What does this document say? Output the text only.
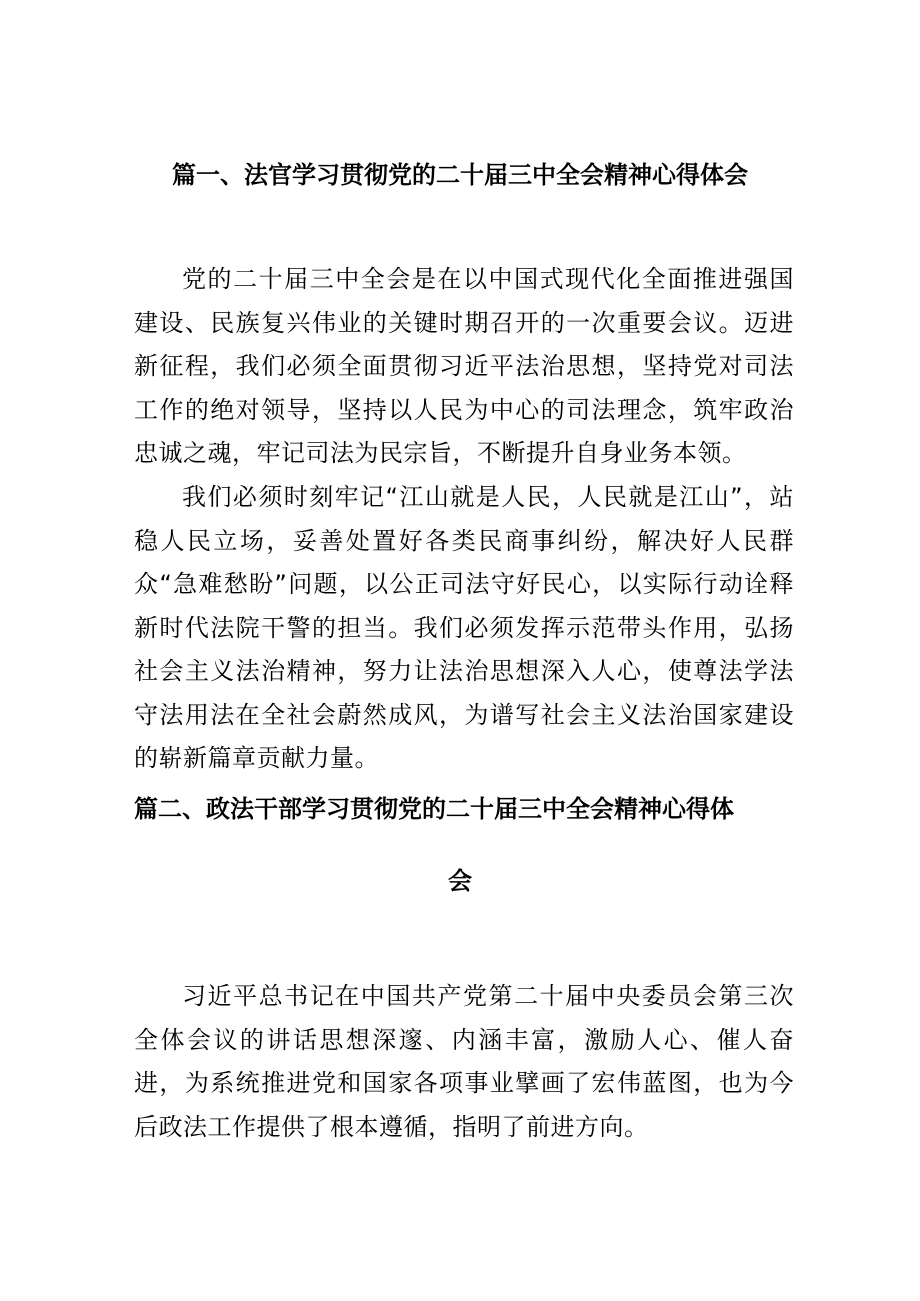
篇一、法官学习贯彻党的二十届三中全会精神心得体会

党的二十届三中全会是在以中国式现代化全面推进强国建设、民族复兴伟业的关键时期召开的一次重要会议。迈进新征程，我们必须全面贯彻习近平法治思想，坚持党对司法工作的绝对领导，坚持以人民为中心的司法理念，筑牢政治忠诚之魂，牢记司法为民宗旨，不断提升自身业务本领。

我们必须时刻牢记“江山就是人民，人民就是江山”，站稳人民立场，妥善处置好各类民商事纠纷，解决好人民群众“急难愁盼”问题，以公正司法守好民心，以实际行动诠释新时代法院干警的担当。我们必须发挥示范带头作用，弘扬社会主义法治精神，努力让法治思想深入人心，使尊法学法守法用法在全社会蔚然成风，为谱写社会主义法治国家建设的崭新篇章贡献力量。

篇二、政法干部学习贯彻党的二十届三中全会精神心得体
会

习近平总书记在中国共产党第二十届中央委员会第三次全体会议的讲话思想深邃、内涵丰富，激励人心、催人奋进，为系统推进党和国家各项事业擘画了宏伟蓝图，也为今后政法工作提供了根本遵循，指明了前进方向。
